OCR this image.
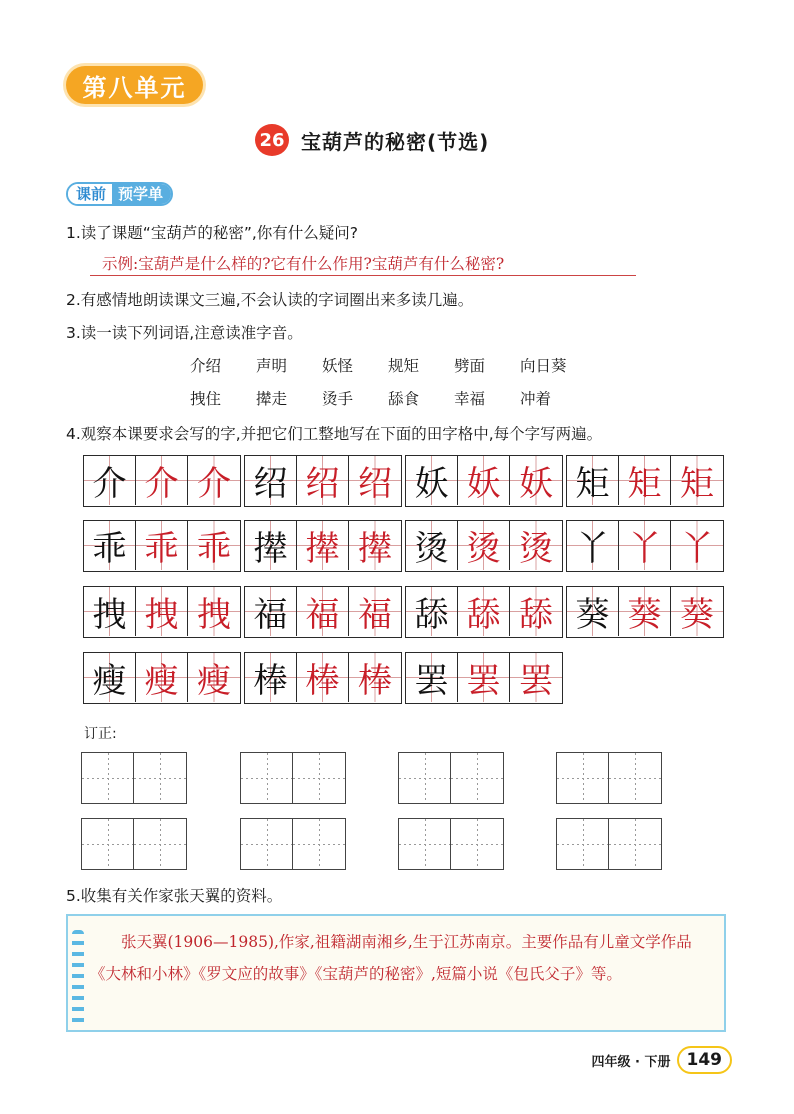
第八单元
26 宝葫芦的秘密(节选)
课前 预学单
1.读了课题“宝葫芦的秘密”,你有什么疑问?
示例:宝葫芦是什么样的?它有什么作用?宝葫芦有什么秘密?
2.有感情地朗读课文三遍,不会认读的字词圈出来多读几遍。
3.读一读下列词语,注意读准字音。
介绍	声明	妖怪	规矩	劈面	向日葵
拽住	撵走	烫手	舔食	幸福	冲着
4.观察本课要求会写的字,并把它们工整地写在下面的田字格中,每个字写两遍。
介 介 介 绍 绍 绍 妖 妖 妖 矩 矩 矩
乖 乖 乖 撵 撵 撵 烫 烫 烫 丫 丫 丫
拽 拽 拽 福 福 福 舔 舔 舔 葵 葵 葵
瘦 瘦 瘦 棒 棒 棒 罢 罢 罢
订正:
5.收集有关作家张天翼的资料。
张天翼(1906—1985),作家,祖籍湖南湘乡,生于江苏南京。主要作品有儿童文学作品《大林和小林》《罗文应的故事》《宝葫芦的秘密》,短篇小说《包氏父子》等。
四年级 · 下册 149
